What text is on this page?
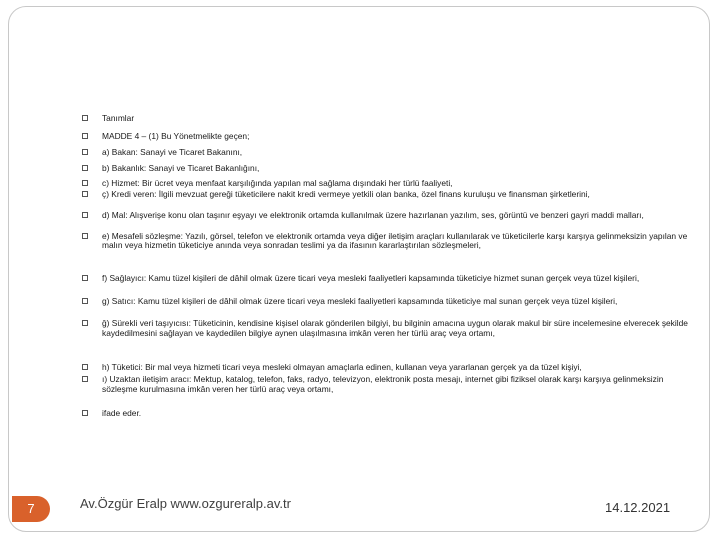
Tanımlar
MADDE 4 – (1) Bu Yönetmelikte geçen;
a) Bakan: Sanayi ve Ticaret Bakanını,
b) Bakanlık: Sanayi ve Ticaret Bakanlığını,
c) Hizmet: Bir ücret veya menfaat karşılığında yapılan mal sağlama dışındaki her türlü faaliyeti,
ç) Kredi veren: İlgili mevzuat gereği tüketicilere nakit kredi vermeye yetkili olan banka, özel finans kuruluşu ve finansman şirketlerini,
d) Mal: Alışverişe konu olan taşınır eşyayı ve elektronik ortamda kullanılmak üzere hazırlanan yazılım, ses, görüntü ve benzeri gayri maddi malları,
e) Mesafeli sözleşme: Yazılı, görsel, telefon ve elektronik ortamda veya diğer iletişim araçları kullanılarak ve tüketicilerle karşı karşıya gelinmeksizin yapılan ve malın veya hizmetin tüketiciye anında veya sonradan teslimi ya da ifasının kararlaştırılan sözleşmeleri,
f) Sağlayıcı: Kamu tüzel kişileri de dâhil olmak üzere ticari veya mesleki faaliyetleri kapsamında tüketiciye hizmet sunan gerçek veya tüzel kişileri,
g) Satıcı: Kamu tüzel kişileri de dâhil olmak üzere ticari veya mesleki faaliyetleri kapsamında tüketiciye mal sunan gerçek veya tüzel kişileri,
ğ) Sürekli veri taşıyıcısı: Tüketicinin, kendisine kişisel olarak gönderilen bilgiyi, bu bilginin amacına uygun olarak makul bir süre incelemesine elverecek şekilde kaydedilmesini sağlayan ve kaydedilen bilgiye aynen ulaşılmasına imkân veren her türlü araç veya ortamı,
h) Tüketici: Bir mal veya hizmeti ticari veya mesleki olmayan amaçlarla edinen, kullanan veya yararlanan gerçek ya da tüzel kişiyi,
ı) Uzaktan iletişim aracı: Mektup, katalog, telefon, faks, radyo, televizyon, elektronik posta mesajı, internet gibi fiziksel olarak karşı karşıya gelinmeksizin sözleşme kurulmasına imkân veren her türlü araç veya ortamı,
ifade eder.
7	Av.Özgür Eralp www.ozgureralp.av.tr	14.12.2021
